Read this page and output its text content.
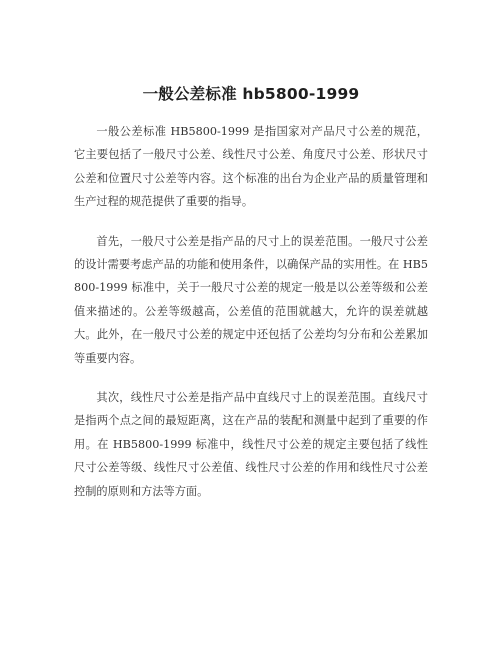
一般公差标准 hb5800-1999

一般公差标准 HB5800-1999 是指国家对产品尺寸公差的规范，它主要包括了一般尺寸公差、线性尺寸公差、角度尺寸公差、形状尺寸公差和位置尺寸公差等内容。这个标准的出台为企业产品的质量管理和生产过程的规范提供了重要的指导。

首先，一般尺寸公差是指产品的尺寸上的误差范围。一般尺寸公差的设计需要考虑产品的功能和使用条件，以确保产品的实用性。在 HB5800-1999 标准中，关于一般尺寸公差的规定一般是以公差等级和公差值来描述的。公差等级越高，公差值的范围就越大，允许的误差就越大。此外，在一般尺寸公差的规定中还包括了公差均匀分布和公差累加等重要内容。

其次，线性尺寸公差是指产品中直线尺寸上的误差范围。直线尺寸是指两个点之间的最短距离，这在产品的装配和测量中起到了重要的作用。在 HB5800-1999 标准中，线性尺寸公差的规定主要包括了线性尺寸公差等级、线性尺寸公差值、线性尺寸公差的作用和线性尺寸公差控制的原则和方法等方面。
